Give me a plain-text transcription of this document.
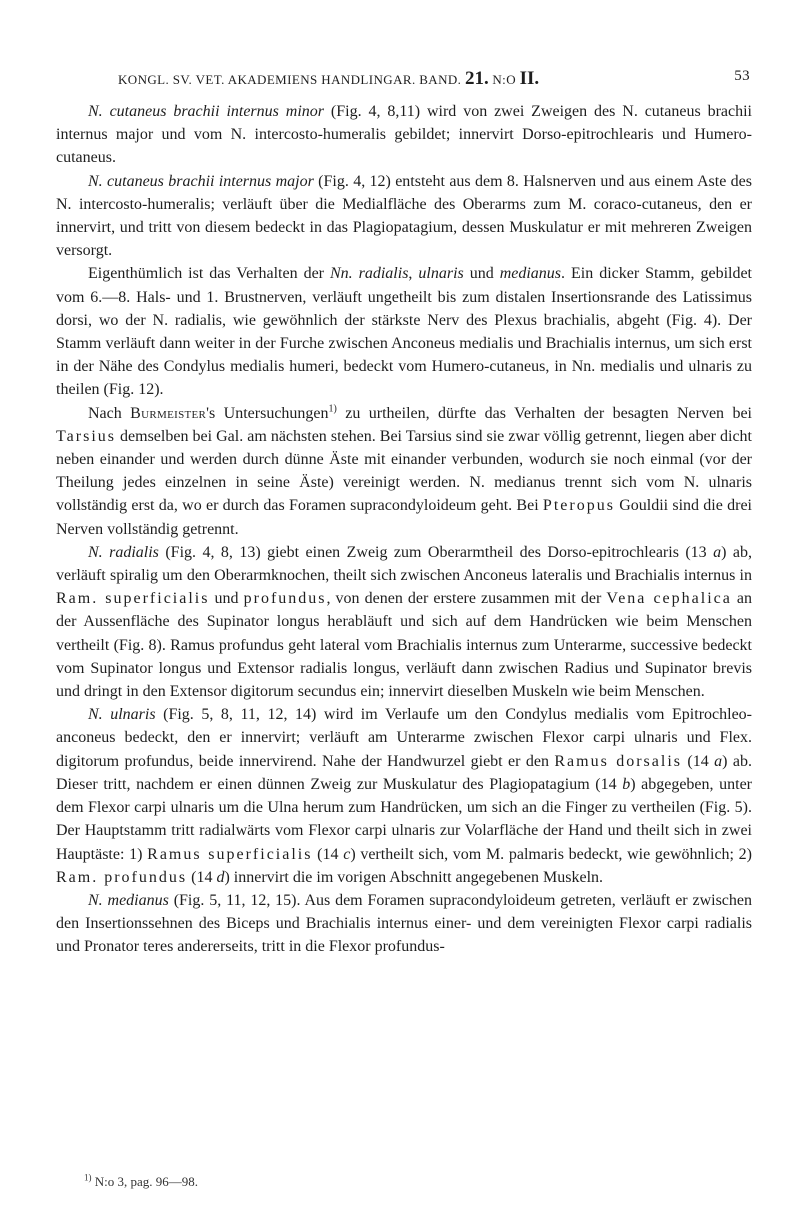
KONGL. SV. VET. AKADEMIENS HANDLINGAR. BAND. 21. N:O II.	53

N. cutaneus brachii internus minor (Fig. 4, 8,11) wird von zwei Zweigen des N. cutaneus brachii internus major und vom N. intercosto-humeralis gebildet; innervirt Dorso-epitrochlearis und Humero-cutaneus.

N. cutaneus brachii internus major (Fig. 4, 12) entsteht aus dem 8. Halsnerven und aus einem Aste des N. intercosto-humeralis; verläuft über die Medialfläche des Oberarms zum M. coraco-cutaneus, den er innervirt, und tritt von diesem bedeckt in das Plagiopatagium, dessen Muskulatur er mit mehreren Zweigen versorgt.

Eigenthümlich ist das Verhalten der Nn. radialis, ulnaris und medianus. Ein dicker Stamm, gebildet vom 6.—8. Hals- und 1. Brustnerven, verläuft ungetheilt bis zum distalen Insertionsrande des Latissimus dorsi, wo der N. radialis, wie gewöhnlich der stärkste Nerv des Plexus brachialis, abgeht (Fig. 4). Der Stamm verläuft dann weiter in der Furche zwischen Anconeus medialis und Brachialis internus, um sich erst in der Nähe des Condylus medialis humeri, bedeckt vom Humero-cutaneus, in Nn. medialis und ulnaris zu theilen (Fig. 12).

Nach Burmeister's Untersuchungen$^{1)}$ zu urtheilen, dürfte das Verhalten der besagten Nerven bei Tarsius demselben bei Gal. am nächsten stehen. Bei Tarsius sind sie zwar völlig getrennt, liegen aber dicht neben einander und werden durch dünne Äste mit einander verbunden, wodurch sie noch einmal (vor der Theilung jedes einzelnen in seine Äste) vereinigt werden. N. medianus trennt sich vom N. ulnaris vollständig erst da, wo er durch das Foramen supracondyloideum geht. Bei Pteropus Gouldii sind die drei Nerven vollständig getrennt.

N. radialis (Fig. 4, 8, 13) giebt einen Zweig zum Oberarmtheil des Dorso-epitrochlearis (13 a) ab, verläuft spiralig um den Oberarmknochen, theilt sich zwischen Anconeus lateralis und Brachialis internus in Ram. superficialis und profundus, von denen der erstere zusammen mit der Vena cephalica an der Aussenfläche des Supinator longus herabläuft und sich auf dem Handrücken wie beim Menschen vertheilt (Fig. 8). Ramus profundus geht lateral vom Brachialis internus zum Unterarme, successive bedeckt vom Supinator longus und Extensor radialis longus, verläuft dann zwischen Radius und Supinator brevis und dringt in den Extensor digitorum secundus ein; innervirt dieselben Muskeln wie beim Menschen.

N. ulnaris (Fig. 5, 8, 11, 12, 14) wird im Verlaufe um den Condylus medialis vom Epitrochleo-anconeus bedeckt, den er innervirt; verläuft am Unterarme zwischen Flexor carpi ulnaris und Flex. digitorum profundus, beide innervirend. Nahe der Handwurzel giebt er den Ramus dorsalis (14 a) ab. Dieser tritt, nachdem er einen dünnen Zweig zur Muskulatur des Plagiopatagium (14 b) abgegeben, unter dem Flexor carpi ulnaris um die Ulna herum zum Handrücken, um sich an die Finger zu vertheilen (Fig. 5). Der Hauptstamm tritt radialwärts vom Flexor carpi ulnaris zur Volarfläche der Hand und theilt sich in zwei Hauptäste: 1) Ramus superficialis (14 c) vertheilt sich, vom M. palmaris bedeckt, wie gewöhnlich; 2) Ram. profundus (14 d) innervirt die im vorigen Abschnitt angegebenen Muskeln.

N. medianus (Fig. 5, 11, 12, 15). Aus dem Foramen supracondyloideum getreten, verläuft er zwischen den Insertionssehnen des Biceps und Brachialis internus einer- und dem vereinigten Flexor carpi radialis und Pronator teres andererseits, tritt in die Flexor profundus-

$^{1)}$ N:o 3, pag. 96—98.
